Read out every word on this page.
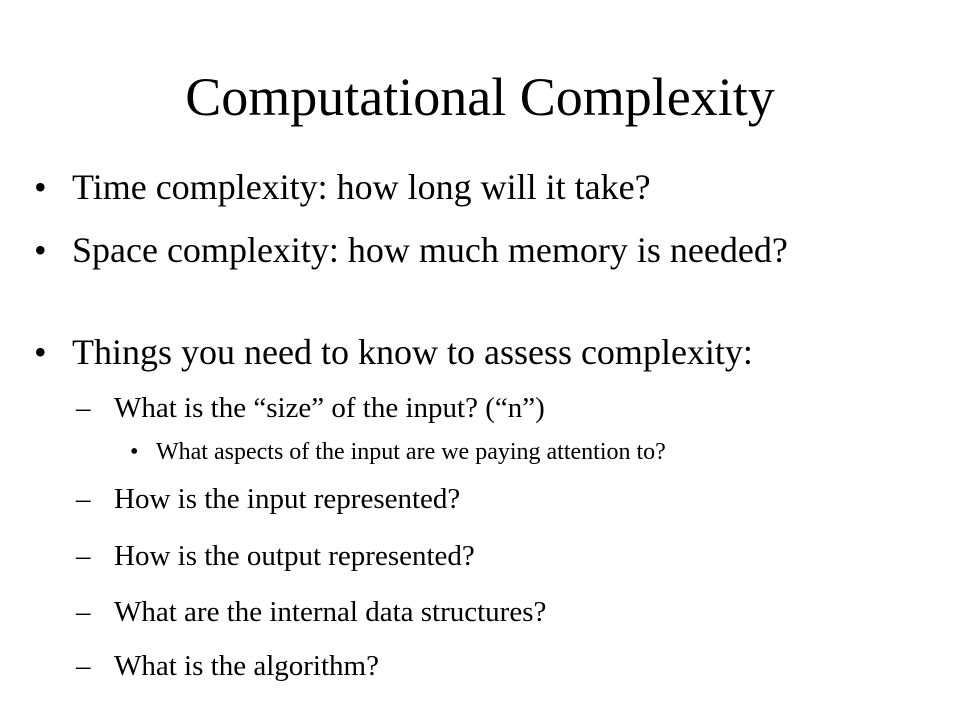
Computational Complexity
• Time complexity: how long will it take?
• Space complexity: how much memory is needed?
• Things you need to know to assess complexity:
– What is the “size” of the input? (“n”)
• What aspects of the input are we paying attention to?
– How is the input represented?
– How is the output represented?
– What are the internal data structures?
– What is the algorithm?
